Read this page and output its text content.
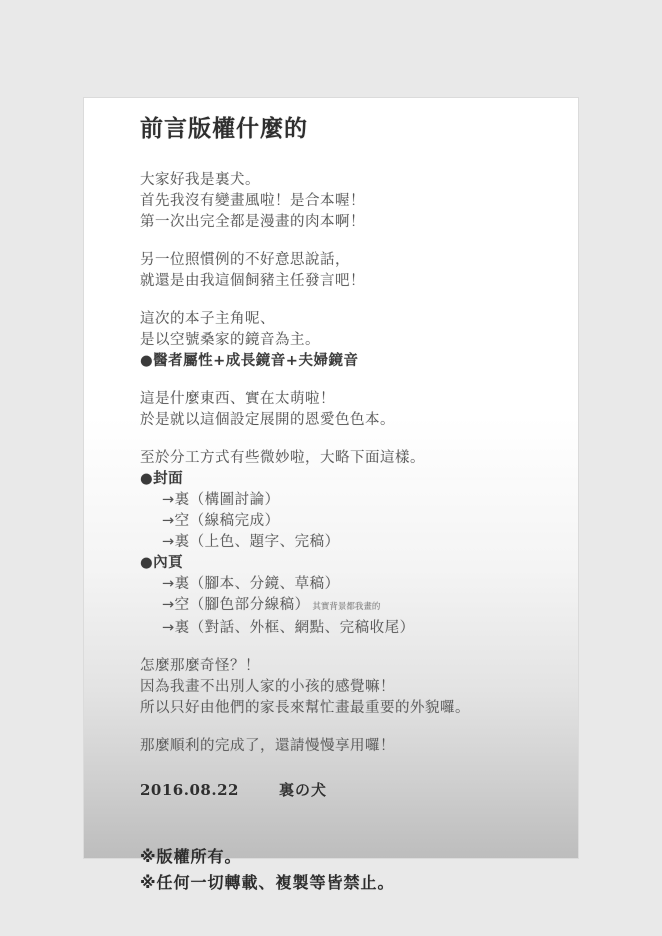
前言版權什麼的
大家好我是裏犬。
首先我沒有變畫風啦！是合本喔！
第一次出完全都是漫畫的肉本啊！
另一位照慣例的不好意思說話，
就還是由我這個飼豬主任發言吧！
這次的本子主角呢、
是以空號桑家的鏡音為主。
●醫者屬性+成長鏡音+夫婦鏡音
這是什麼東西、實在太萌啦！
於是就以這個設定展開的恩愛色色本。
至於分工方式有些微妙啦，大略下面這樣。
●封面
→裏（構圖討論）
→空（線稿完成）
→裏（上色、題字、完稿）
●內頁
→裏（腳本、分鏡、草稿）
→空（腳色部分線稿） 其實背景都我畫的
→裏（對話、外框、網點、完稿收尾）
怎麼那麼奇怪？！
因為我畫不出別人家的小孩的感覺嘛！
所以只好由他們的家長來幫忙畫最重要的外貌囉。
那麼順利的完成了，還請慢慢享用囉！
2016.08.22	裏の犬
※版權所有。
※任何一切轉載、複製等皆禁止。
